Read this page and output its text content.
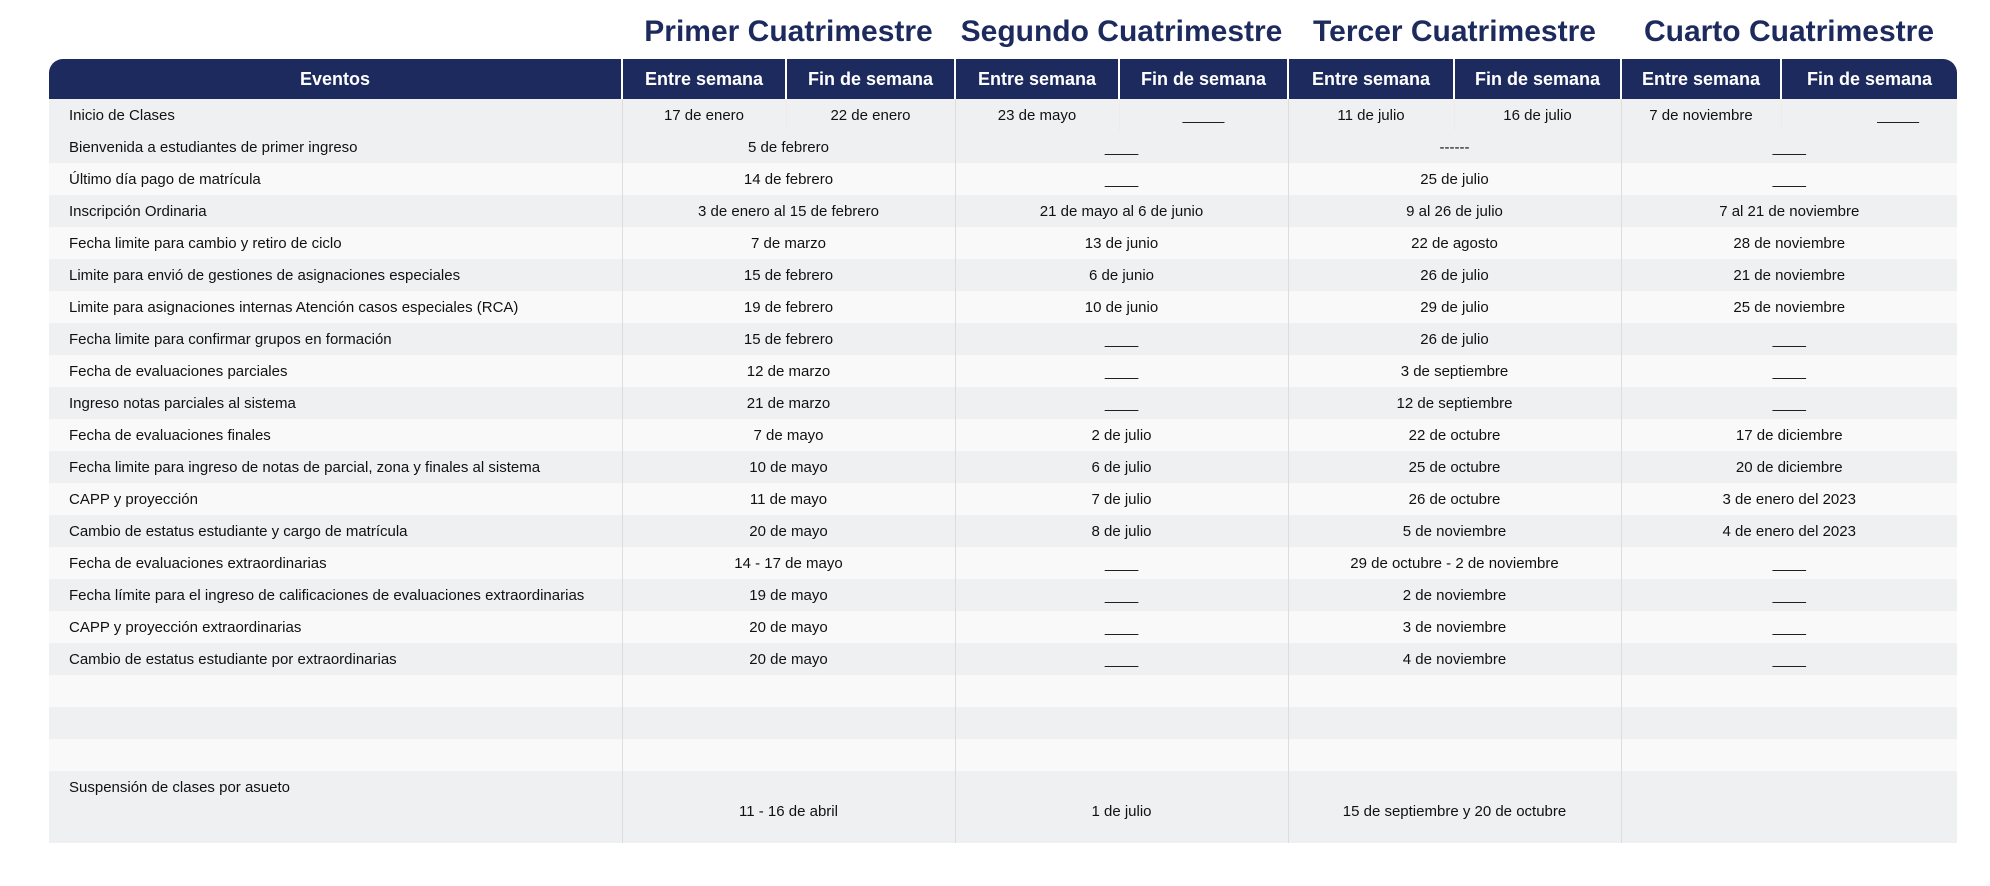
Primer Cuatrimestre Segundo Cuatrimestre	Tercer Cuatrimestre	Cuarto Cuatrimestre
Eventos	Entre semana	Fin de semana	Entre semana	Fin de semana	Entre semana	Fin de semana	Entre semana	Fin de semana
Inicio de Clases	17 de enero	22 de enero	23 de mayo	_____	11 de julio	16 de julio	7 de noviembre	_____
Bienvenida a estudiantes de primer ingreso	5 de febrero		____		------		____	
Último día pago de matrícula	14 de febrero		____		25 de julio		____	
Inscripción Ordinaria	3 de enero al 15 de febrero		21 de mayo al 6 de junio		9 al 26 de julio		7 al 21 de noviembre	
Fecha limite para cambio y retiro de ciclo	7 de marzo		13 de junio		22 de agosto		28 de noviembre	
Limite para envió de gestiones de asignaciones especiales	15 de febrero		6 de junio		26 de julio		21 de noviembre	
Limite para asignaciones internas Atención casos especiales (RCA)	19 de febrero		10 de junio		29 de julio		25 de noviembre	
Fecha limite para confirmar grupos en formación	15 de febrero		____		26 de julio		____	
Fecha de evaluaciones parciales	12 de marzo		____		3 de septiembre		____	
Ingreso notas parciales al sistema	21 de marzo		____		12 de septiembre		____	
Fecha de evaluaciones finales	7 de mayo		2 de julio		22 de octubre		17 de diciembre	
Fecha limite para ingreso de notas de parcial, zona y finales al sistema	10 de mayo		6 de julio		25 de octubre		20 de diciembre	
CAPP y proyección	11 de mayo		7 de julio		26 de octubre		3 de enero del 2023	
Cambio de estatus estudiante y cargo de matrícula	20 de mayo		8 de julio		5 de noviembre		4 de enero del 2023	
Fecha de evaluaciones extraordinarias	14 - 17 de mayo		____		29 de octubre - 2 de noviembre		____	
Fecha límite para el ingreso de calificaciones de evaluaciones extraordinarias	19 de mayo		____		2 de noviembre		____	
CAPP y proyección extraordinarias	20 de mayo		____		3 de noviembre		____	
Cambio de estatus estudiante por extraordinarias	20 de mayo		____		4 de noviembre		____	

Suspensión de clases por asueto	11 - 16 de abril		1 de julio		15 de septiembre y 20 de octubre			
